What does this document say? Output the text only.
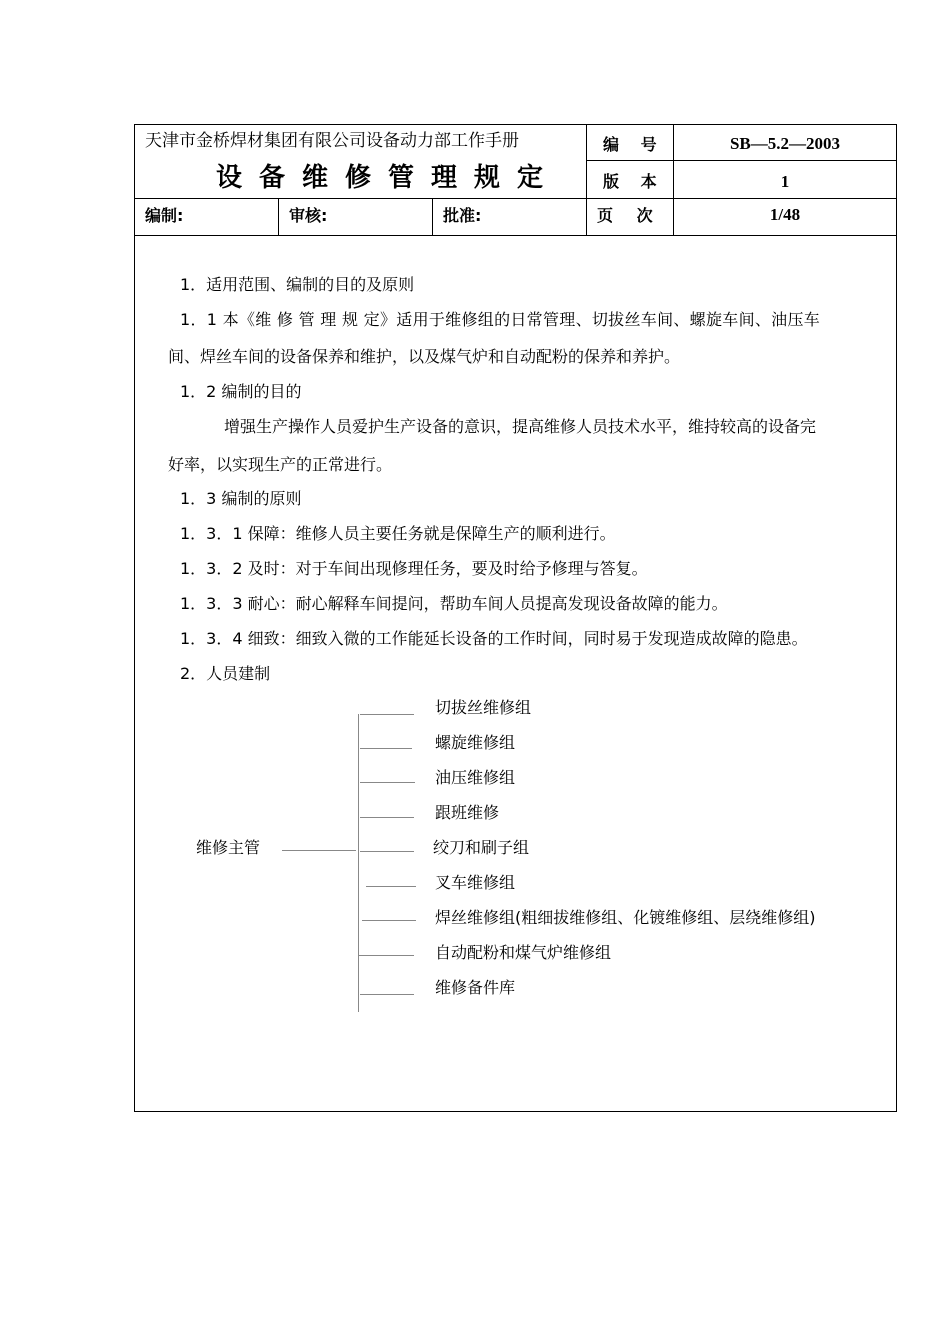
天津市金桥焊材集团有限公司设备动力部工作手册
设备维修管理规定
编 号	SB—5.2—2003
版 本	1
编制:	审核:	批准:	页 次	1/48
1．适用范围、编制的目的及原则
1．1 本《维 修 管 理 规 定》适用于维修组的日常管理、切拔丝车间、螺旋车间、油压车
间、焊丝车间的设备保养和维护，以及煤气炉和自动配粉的保养和养护。
1．2 编制的目的
增强生产操作人员爱护生产设备的意识，提高维修人员技术水平，维持较高的设备完
好率，以实现生产的正常进行。
1．3 编制的原则
1．3．1 保障：维修人员主要任务就是保障生产的顺利进行。
1．3．2 及时：对于车间出现修理任务，要及时给予修理与答复。
1．3．3 耐心：耐心解释车间提问，帮助车间人员提高发现设备故障的能力。
1．3．4 细致：细致入微的工作能延长设备的工作时间，同时易于发现造成故障的隐患。
2．人员建制
维修主管
切拔丝维修组
螺旋维修组
油压维修组
跟班维修
绞刀和刷子组
叉车维修组
焊丝维修组(粗细拔维修组、化镀维修组、层绕维修组)
自动配粉和煤气炉维修组
维修备件库
